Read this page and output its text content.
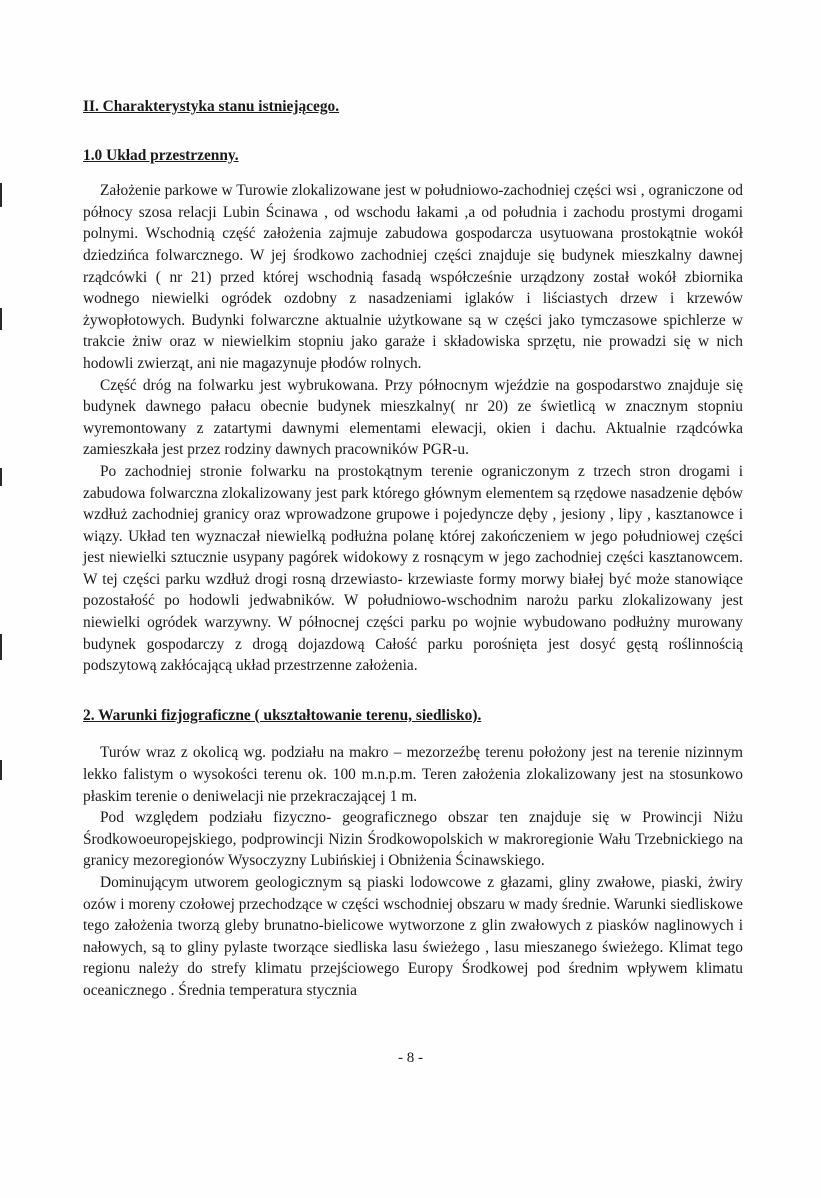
II. Charakterystyka stanu istniejącego.

1.0 Układ przestrzenny.

Założenie parkowe w Turowie zlokalizowane jest w południowo-zachodniej części wsi , ograniczone od północy szosa relacji Lubin Ścinawa , od wschodu łakami ,a od południa i zachodu prostymi drogami polnymi. Wschodnią część założenia zajmuje zabudowa gospodarcza usytuowana prostokątnie wokół dziedzińca folwarcznego. W jej środkowo zachodniej części znajduje się budynek mieszkalny dawnej rządcówki ( nr 21) przed której wschodnią fasadą współcześnie urządzony został wokół zbiornika wodnego niewielki ogródek ozdobny z nasadzeniami iglaków i liściastych drzew i krzewów żywopłotowych. Budynki folwarczne aktualnie użytkowane są w części jako tymczasowe spichlerze w trakcie żniw oraz w niewielkim stopniu jako garaże i składowiska sprzętu, nie prowadzi się w nich hodowli zwierząt, ani nie magazynuje płodów rolnych.

Część dróg na folwarku jest wybrukowana. Przy północnym wjeździe na gospodarstwo znajduje się budynek dawnego pałacu obecnie budynek mieszkalny( nr 20) ze świetlicą w znacznym stopniu wyremontowany z zatartymi dawnymi elementami elewacji, okien i dachu. Aktualnie rządcówka zamieszkała jest przez rodziny dawnych pracowników PGR-u.

Po zachodniej stronie folwarku na prostokątnym terenie ograniczonym z trzech stron drogami i zabudowa folwarczna zlokalizowany jest park którego głównym elementem są rzędowe nasadzenie dębów wzdłuż zachodniej granicy oraz wprowadzone grupowe i pojedyncze dęby , jesiony , lipy , kasztanowce i wiązy. Układ ten wyznaczał niewielką podłużna polanę której zakończeniem w jego południowej części jest niewielki sztucznie usypany pagórek widokowy z rosnącym w jego zachodniej części kasztanowcem. W tej części parku wzdłuż drogi rosną drzewiasto- krzewiaste formy morwy białej być może stanowiące pozostałość po hodowli jedwabników. W południowo-wschodnim narożu parku zlokalizowany jest niewielki ogródek warzywny. W północnej części parku po wojnie wybudowano podłużny murowany budynek gospodarczy z drogą dojazdową Całość parku porośnięta jest dosyć gęstą roślinnością podszytową zakłócającą układ przestrzenne założenia.

2. Warunki fizjograficzne ( ukształtowanie terenu, siedlisko).

Turów wraz z okolicą wg. podziału na makro – mezorzeźbę terenu położony jest na terenie nizinnym lekko falistym o wysokości terenu ok. 100 m.n.p.m. Teren założenia zlokalizowany jest na stosunkowo płaskim terenie o deniwelacji nie przekraczającej 1 m.

Pod względem podziału fizyczno- geograficznego obszar ten znajduje się w Prowincji Niżu Środkowoeuropejskiego, podprowincji Nizin Środkowopolskich w makroregionie Wału Trzebnickiego na granicy mezoregionów Wysoczyzny Lubińskiej i Obniżenia Ścinawskiego.

Dominującym utworem geologicznym są piaski lodowcowe z głazami, gliny zwałowe, piaski, żwiry ozów i moreny czołowej przechodzące w części wschodniej obszaru w mady średnie. Warunki siedliskowe tego założenia tworzą gleby brunatno-bielicowe wytworzone z glin zwałowych z piasków naglinowych i nałowych, są to gliny pylaste tworzące siedliska lasu świeżego , lasu mieszanego świeżego. Klimat tego regionu należy do strefy klimatu przejściowego Europy Środkowej pod średnim wpływem klimatu oceanicznego . Średnia temperatura stycznia

- 8 -
